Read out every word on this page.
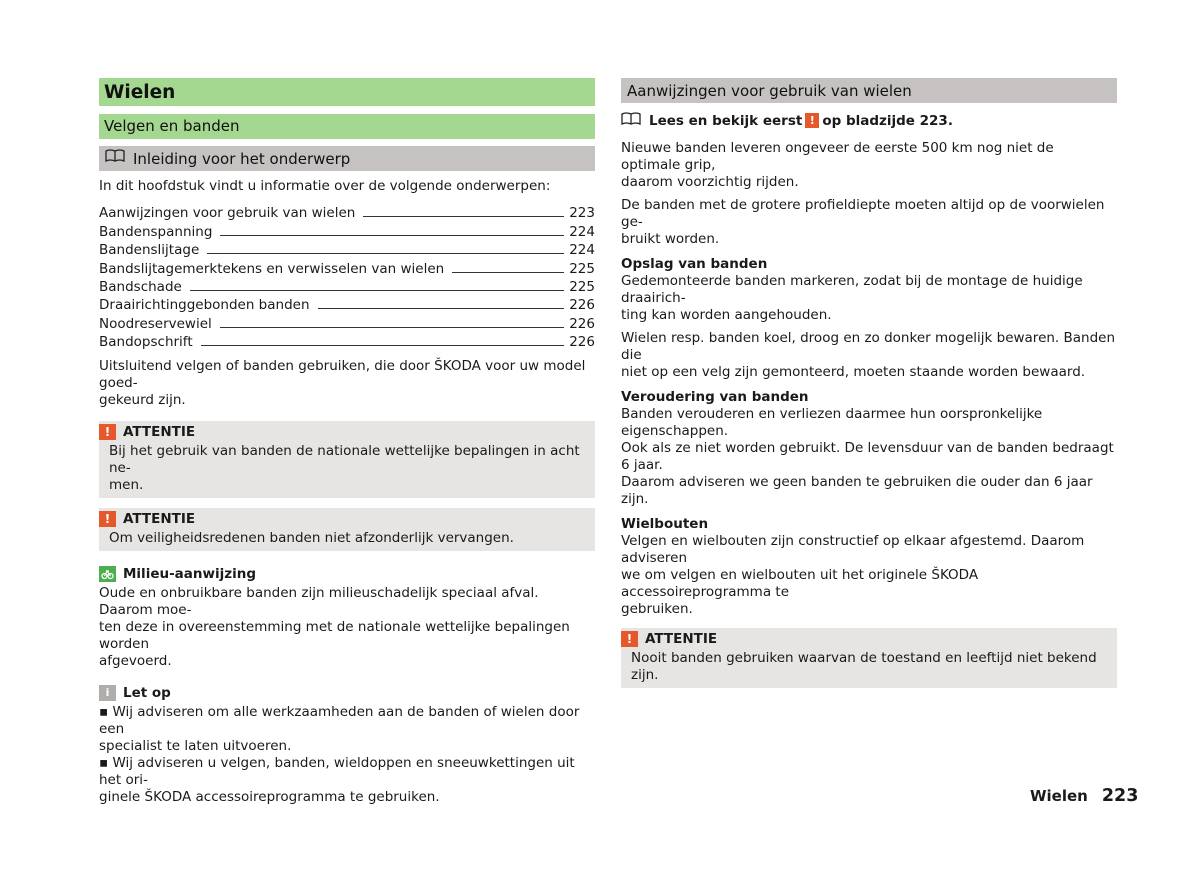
Wielen
Velgen en banden
Inleiding voor het onderwerp

In dit hoofdstuk vindt u informatie over de volgende onderwerpen:

Aanwijzingen voor gebruik van wielen	223
Bandenspanning	224
Bandenslijtage	224
Bandslijtagemerktekens en verwisselen van wielen	225
Bandschade	225
Draairichtinggebonden banden	226
Noodreservewiel	226
Bandopschrift	226

Uitsluitend velgen of banden gebruiken, die door ŠKODA voor uw model goed-

gekeurd zijn.

! ATTENTIE
Bij het gebruik van banden de nationale wettelijke bepalingen in acht ne-
men.
! ATTENTIE
Om veiligheidsredenen banden niet afzonderlijk vervangen.
Milieu-aanwijzing
Oude en onbruikbare banden zijn milieuschadelijk speciaal afval. Daarom moe-
ten deze in overeenstemming met de nationale wettelijke bepalingen worden
afgevoerd.
i	Let op
▪ Wij adviseren om alle werkzaamheden aan de banden of wielen door een
specialist te laten uitvoeren.
▪ Wij adviseren u velgen, banden, wieldoppen en sneeuwkettingen uit het ori-
ginele ŠKODA accessoireprogramma te gebruiken.
Aanwijzingen voor gebruik van wielen
Lees en bekijk eerst ! op bladzijde 223.

Nieuwe banden leveren ongeveer de eerste 500 km nog niet de optimale grip,

daarom voorzichtig rijden.

De banden met de grotere profieldiepte moeten altijd op de voorwielen ge-

bruikt worden.

Opslag van banden

Gedemonteerde banden markeren, zodat bij de montage de huidige draairich-

ting kan worden aangehouden.

Wielen resp. banden koel, droog en zo donker mogelijk bewaren. Banden die

niet op een velg zijn gemonteerd, moeten staande worden bewaard.

Veroudering van banden

Banden verouderen en verliezen daarmee hun oorspronkelijke eigenschappen.

Ook als ze niet worden gebruikt. De levensduur van de banden bedraagt 6 jaar.

Daarom adviseren we geen banden te gebruiken die ouder dan 6 jaar zijn.

Wielbouten

Velgen en wielbouten zijn constructief op elkaar afgestemd. Daarom adviseren

we om velgen en wielbouten uit het originele ŠKODA accessoireprogramma te

gebruiken.

! ATTENTIE
Nooit banden gebruiken waarvan de toestand en leeftijd niet bekend zijn.
Wielen 223
